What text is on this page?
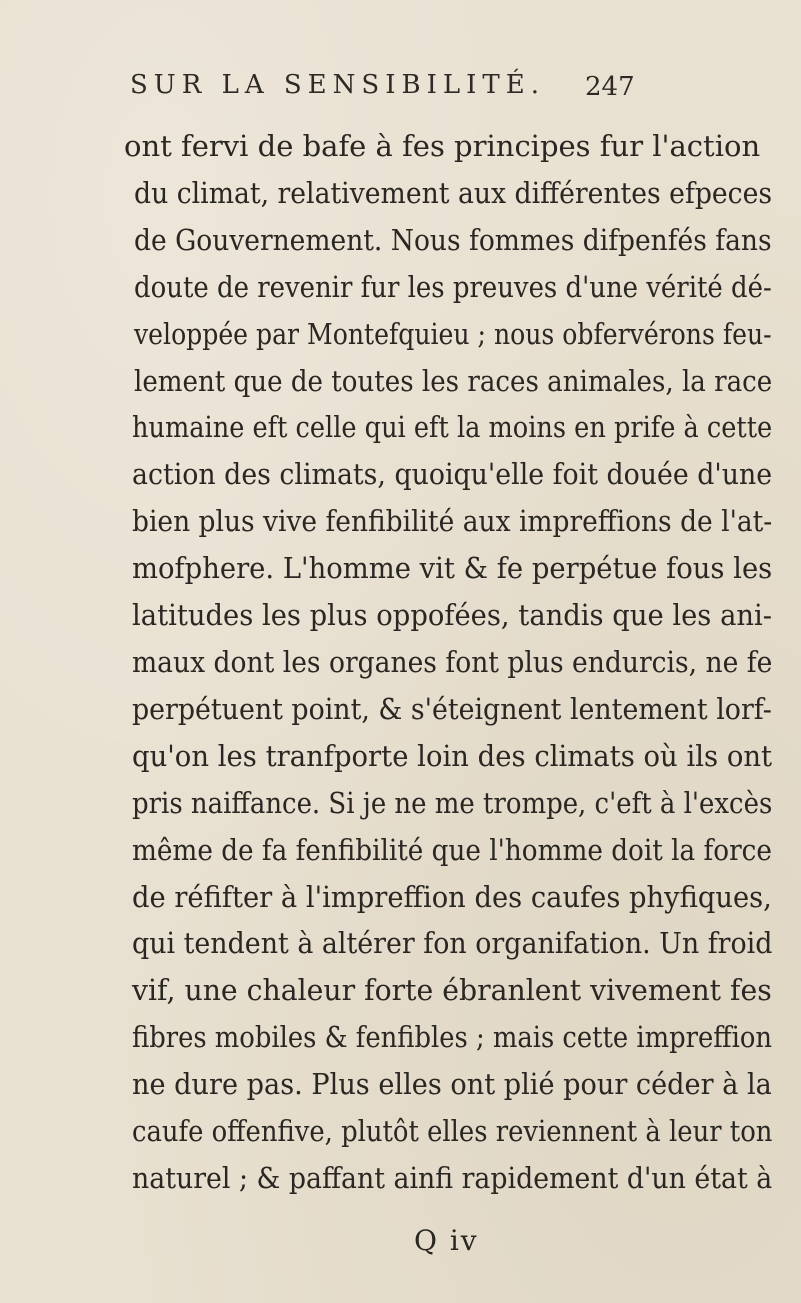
SUR LA SENSIBILITÉ. 247
ont fervi de bafe à fes principes fur l'action
du climat, relativement aux différentes efpeces
de Gouvernement. Nous fommes difpenfés fans
doute de revenir fur les preuves d'une vérité dé-
veloppée par Montefquieu ; nous obfervérons feu-
lement que de toutes les races animales, la race
humaine eft celle qui eft la moins en prife à cette
action des climats, quoiqu'elle foit douée d'une
bien plus vive fenfibilité aux impreffions de l'at-
mofphere. L'homme vit & fe perpétue fous les
latitudes les plus oppofées, tandis que les ani-
maux dont les organes font plus endurcis, ne fe
perpétuent point, & s'éteignent lentement lorf-
qu'on les tranfporte loin des climats où ils ont
pris naiffance. Si je ne me trompe, c'eft à l'excès
même de fa fenfibilité que l'homme doit la force
de réfifter à l'impreffion des caufes phyfiques,
qui tendent à altérer fon organifation. Un froid
vif, une chaleur forte ébranlent vivement fes
fibres mobiles & fenfibles ; mais cette impreffion
ne dure pas. Plus elles ont plié pour céder à la
caufe offenfive, plutôt elles reviennent à leur ton
naturel ; & paffant ainfi rapidement d'un état à
Q iv
